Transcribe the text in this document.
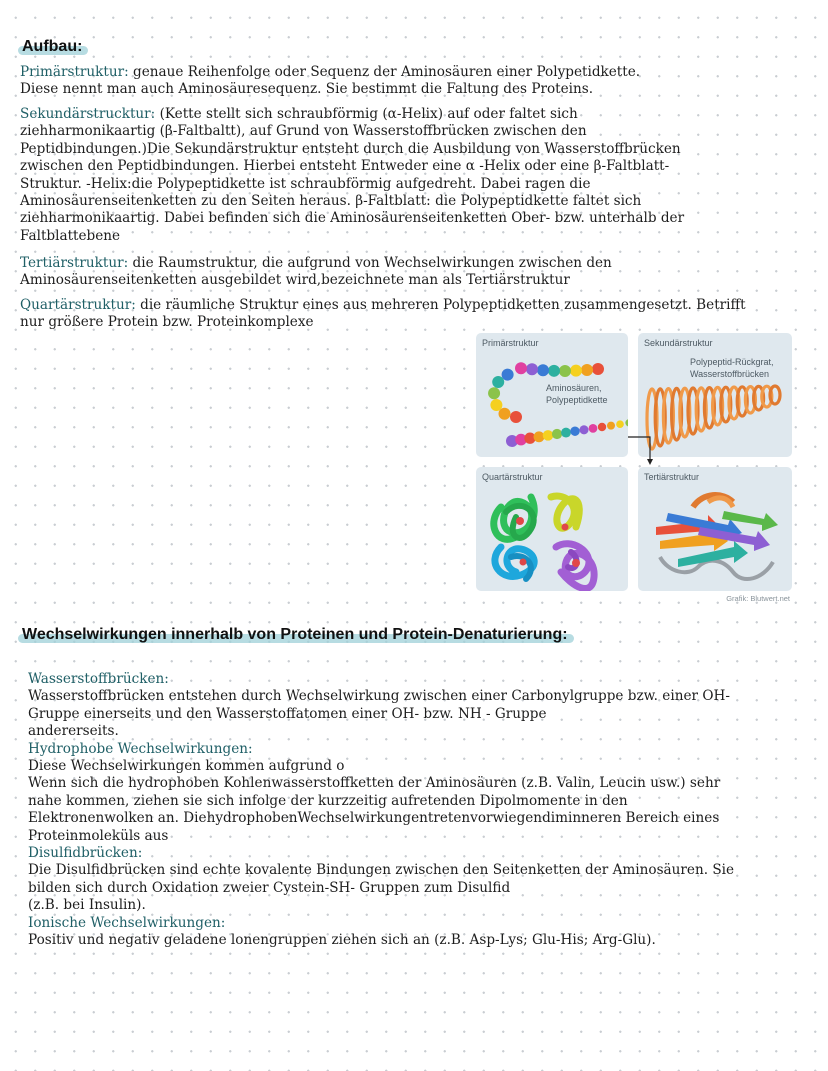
Aufbau:
Primärstruktur: genaue Reihenfolge oder Sequenz der Aminosäuren einer Polypetidkette.
Diese nennt man auch Aminosäuresequenz. Sie bestimmt die Faltung des Proteins.
Sekundärstrucktur: (Kette stellt sich schraubförmig (α-Helix) auf oder faltet sich
ziehharmonikaartig (β-Faltbaltt), auf Grund von Wasserstoffbrücken zwischen den
Peptidbindungen.)Die Sekundärstruktur entsteht durch die Ausbildung von Wasserstoffbrücken
zwischen den Peptidbindungen. Hierbei entsteht Entweder eine α -Helix oder eine β-Faltblatt-
Struktur. -Helix:die Polypeptidkette ist schraubförmig aufgedreht. Dabei ragen die
Aminosäurenseitenketten zu den Seiten heraus. β-Faltblatt: die Polypeptidkette faltet sich
ziehharmonikaartig. Dabei befinden sich die Aminosäurenseitenketten Ober- bzw. unterhalb der
Faltblattebene
Tertiärstruktur: die Raumstruktur, die aufgrund von Wechselwirkungen zwischen den
Aminosäurenseitenketten ausgebildet wird,bezeichnete man als Tertiärstruktur
Quartärstruktur: die räumliche Struktur eines aus mehreren Polypeptidketten zusammengesetzt. Betrifft
nur größere Protein bzw. Proteinkomplexe
Primärstruktur
Aminosäuren,
Polypeptidkette
Sekundärstruktur
Polypeptid-Rückgrat,
Wasserstoffbrücken
Quartärstruktur	Tertiärstruktur
Grafik: Blutwert.net
Wechselwirkungen innerhalb von Proteinen und Protein-Denaturierung:
Wasserstoffbrücken:
Wasserstoffbrücken entstehen durch Wechselwirkung zwischen einer Carbonylgruppe bzw. einer OH-
Gruppe einerseits und den Wasserstoffatomen einer OH- bzw. NH - Gruppe
andererseits.
Hydrophobe Wechselwirkungen:
Diese Wechselwirkungen kommen aufgrund o
Wenn sich die hydrophoben Kohlenwasserstoffketten der Aminosäuren (z.B. Valin, Leucin usw.) sehr
nahe kommen, ziehen sie sich infolge der kurzzeitig aufretenden Dipolmomente in den
Elektronenwolken an. DiehydrophobenWechselwirkungentretenvorwiegendiminneren Bereich eines
Proteinmoleküls aus
Disulfidbrücken:
Die Disulfidbrücken sind echte kovalente Bindungen zwischen den Seitenketten der Aminosäuren. Sie
bilden sich durch Oxidation zweier Cystein-SH- Gruppen zum Disulfid
(z.B. bei Insulin).
Ionische Wechselwirkungen:
Positiv und negativ geladene lonengruppen ziehen sich an (z.B. Asp-Lys; Glu-His; Arg-Glu).
